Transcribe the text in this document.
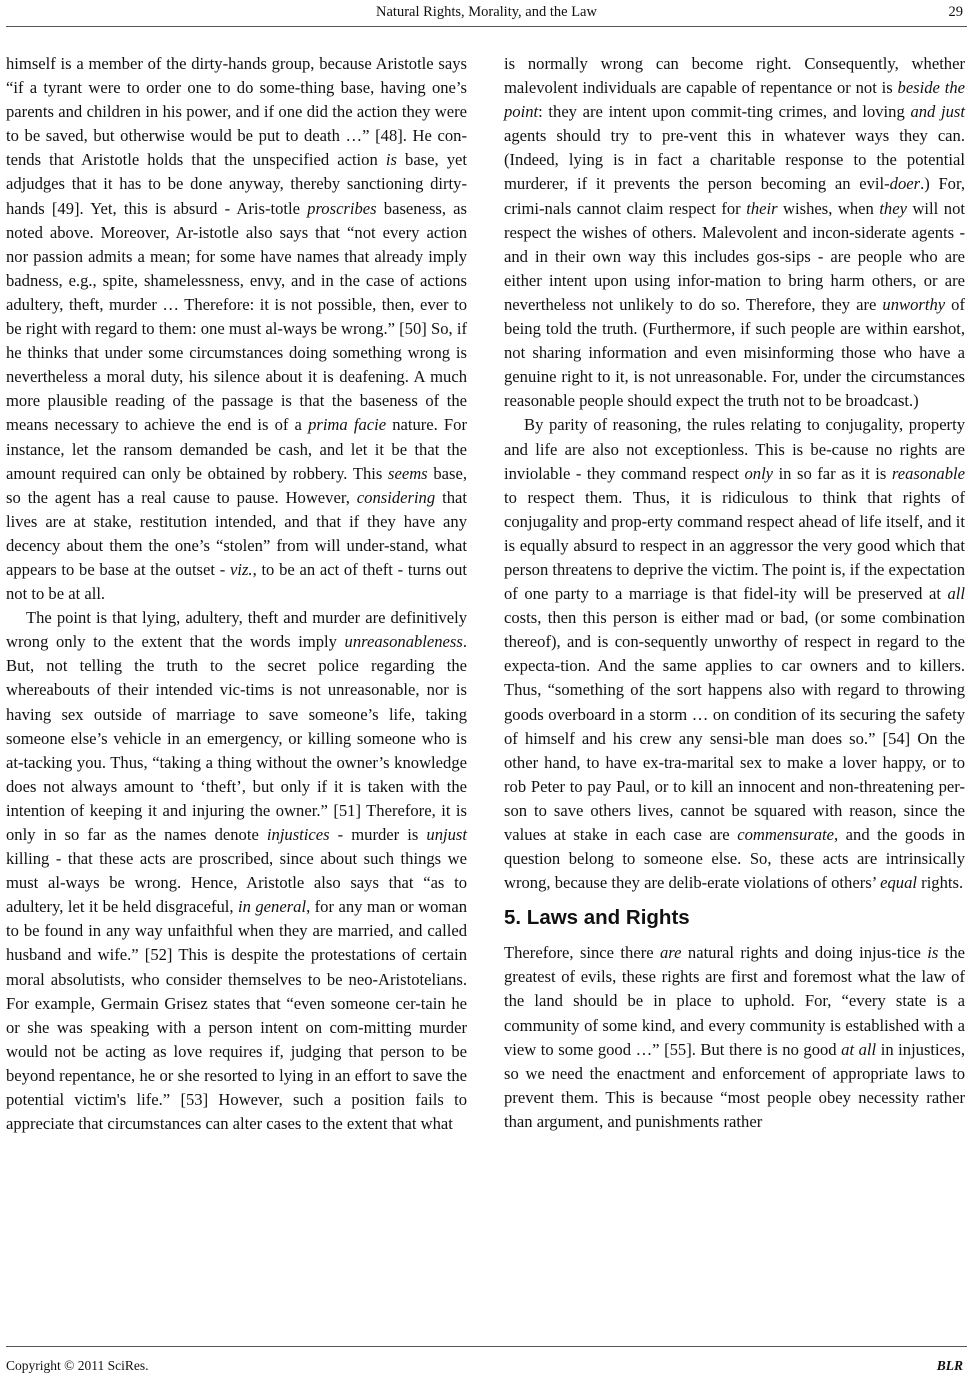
Natural Rights, Morality, and the Law	29

himself is a member of the dirty-hands group, because Aristotle says “if a tyrant were to order one to do some-thing base, having one’s parents and children in his power, and if one did the action they were to be saved, but otherwise would be put to death …” [48]. He con-tends that Aristotle holds that the unspecified action is base, yet adjudges that it has to be done anyway, thereby sanctioning dirty-hands [49]. Yet, this is absurd - Aris-totle proscribes baseness, as noted above. Moreover, Ar-istotle also says that “not every action nor passion admits a mean; for some have names that already imply badness, e.g., spite, shamelessness, envy, and in the case of actions adultery, theft, murder … Therefore: it is not possible, then, ever to be right with regard to them: one must al-ways be wrong.” [50] So, if he thinks that under some circumstances doing something wrong is nevertheless a moral duty, his silence about it is deafening. A much more plausible reading of the passage is that the baseness of the means necessary to achieve the end is of a prima facie nature. For instance, let the ransom demanded be cash, and let it be that the amount required can only be obtained by robbery. This seems base, so the agent has a real cause to pause. However, considering that lives are at stake, restitution intended, and that if they have any decency about them the one’s “stolen” from will under-stand, what appears to be base at the outset - viz., to be an act of theft - turns out not to be at all.

The point is that lying, adultery, theft and murder are definitively wrong only to the extent that the words imply unreasonableness. But, not telling the truth to the secret police regarding the whereabouts of their intended vic-tims is not unreasonable, nor is having sex outside of marriage to save someone’s life, taking someone else’s vehicle in an emergency, or killing someone who is at-tacking you. Thus, “taking a thing without the owner’s knowledge does not always amount to ‘theft’, but only if it is taken with the intention of keeping it and injuring the owner.” [51] Therefore, it is only in so far as the names denote injustices - murder is unjust killing - that these acts are proscribed, since about such things we must al-ways be wrong. Hence, Aristotle also says that “as to adultery, let it be held disgraceful, in general, for any man or woman to be found in any way unfaithful when they are married, and called husband and wife.” [52] This is despite the protestations of certain moral absolutists, who consider themselves to be neo-Aristotelians. For example, Germain Grisez states that “even someone cer-tain he or she was speaking with a person intent on com-mitting murder would not be acting as love requires if, judging that person to be beyond repentance, he or she resorted to lying in an effort to save the potential victim's life.” [53] However, such a position fails to appreciate that circumstances can alter cases to the extent that what

is normally wrong can become right. Consequently, whether malevolent individuals are capable of repentance or not is beside the point: they are intent upon commit-ting crimes, and loving and just agents should try to pre-vent this in whatever ways they can. (Indeed, lying is in fact a charitable response to the potential murderer, if it prevents the person becoming an evil-doer.) For, crimi-nals cannot claim respect for their wishes, when they will not respect the wishes of others. Malevolent and incon-siderate agents - and in their own way this includes gos-sips - are people who are either intent upon using infor-mation to bring harm others, or are nevertheless not unlikely to do so. Therefore, they are unworthy of being told the truth. (Furthermore, if such people are within earshot, not sharing information and even misinforming those who have a genuine right to it, is not unreasonable. For, under the circumstances reasonable people should expect the truth not to be broadcast.)

By parity of reasoning, the rules relating to conjugality, property and life are also not exceptionless. This is be-cause no rights are inviolable - they command respect only in so far as it is reasonable to respect them. Thus, it is ridiculous to think that rights of conjugality and prop-erty command respect ahead of life itself, and it is equally absurd to respect in an aggressor the very good which that person threatens to deprive the victim. The point is, if the expectation of one party to a marriage is that fidel-ity will be preserved at all costs, then this person is either mad or bad, (or some combination thereof), and is con-sequently unworthy of respect in regard to the expecta-tion. And the same applies to car owners and to killers. Thus, “something of the sort happens also with regard to throwing goods overboard in a storm … on condition of its securing the safety of himself and his crew any sensi-ble man does so.” [54] On the other hand, to have ex-tra-marital sex to make a lover happy, or to rob Peter to pay Paul, or to kill an innocent and non-threatening per-son to save others lives, cannot be squared with reason, since the values at stake in each case are commensurate, and the goods in question belong to someone else. So, these acts are intrinsically wrong, because they are delib-erate violations of others’ equal rights.

5. Laws and Rights

Therefore, since there are natural rights and doing injus-tice is the greatest of evils, these rights are first and foremost what the law of the land should be in place to uphold. For, “every state is a community of some kind, and every community is established with a view to some good …” [55]. But there is no good at all in injustices, so we need the enactment and enforcement of appropriate laws to prevent them. This is because “most people obey necessity rather than argument, and punishments rather

Copyright © 2011 SciRes.	BLR
